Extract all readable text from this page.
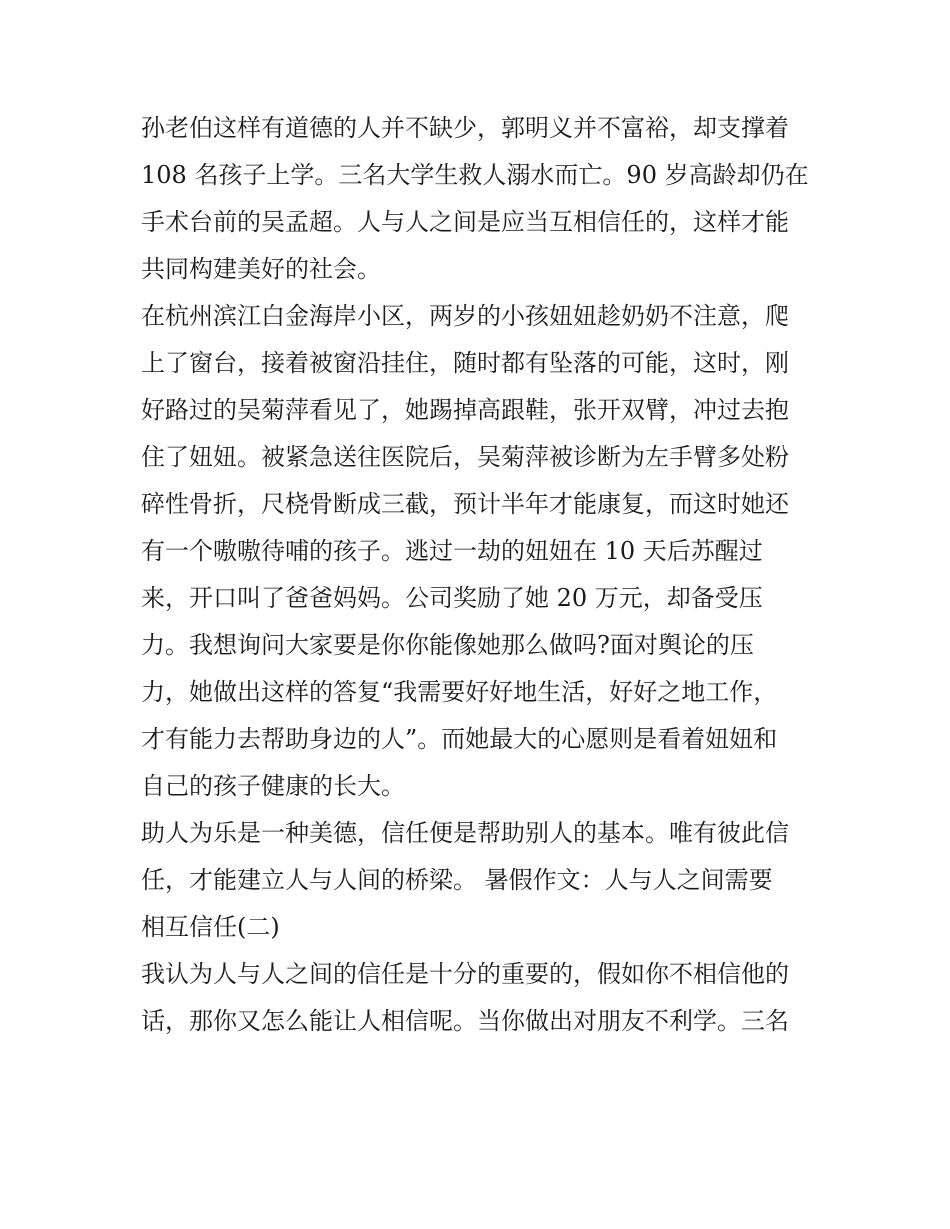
孙老伯这样有道德的人并不缺少，郭明义并不富裕，却支撑着
108 名孩子上学。三名大学生救人溺水而亡。90 岁高龄却仍在
手术台前的吴孟超。人与人之间是应当互相信任的，这样才能
共同构建美好的社会。
在杭州滨江白金海岸小区，两岁的小孩妞妞趁奶奶不注意，爬
上了窗台，接着被窗沿挂住，随时都有坠落的可能，这时，刚
好路过的吴菊萍看见了，她踢掉高跟鞋，张开双臂，冲过去抱
住了妞妞。被紧急送往医院后，吴菊萍被诊断为左手臂多处粉
碎性骨折，尺桡骨断成三截，预计半年才能康复，而这时她还
有一个嗷嗷待哺的孩子。逃过一劫的妞妞在 10 天后苏醒过
来，开口叫了爸爸妈妈。公司奖励了她 20 万元，却备受压
力。我想询问大家要是你你能像她那么做吗?面对舆论的压
力，她做出这样的答复“我需要好好地生活，好好之地工作，
才有能力去帮助身边的人”。而她最大的心愿则是看着妞妞和
自己的孩子健康的长大。
助人为乐是一种美德，信任便是帮助别人的基本。唯有彼此信
任，才能建立人与人间的桥梁。 暑假作文：人与人之间需要
相互信任(二)
我认为人与人之间的信任是十分的重要的，假如你不相信他的
话，那你又怎么能让人相信呢。当你做出对朋友不利学。三名
